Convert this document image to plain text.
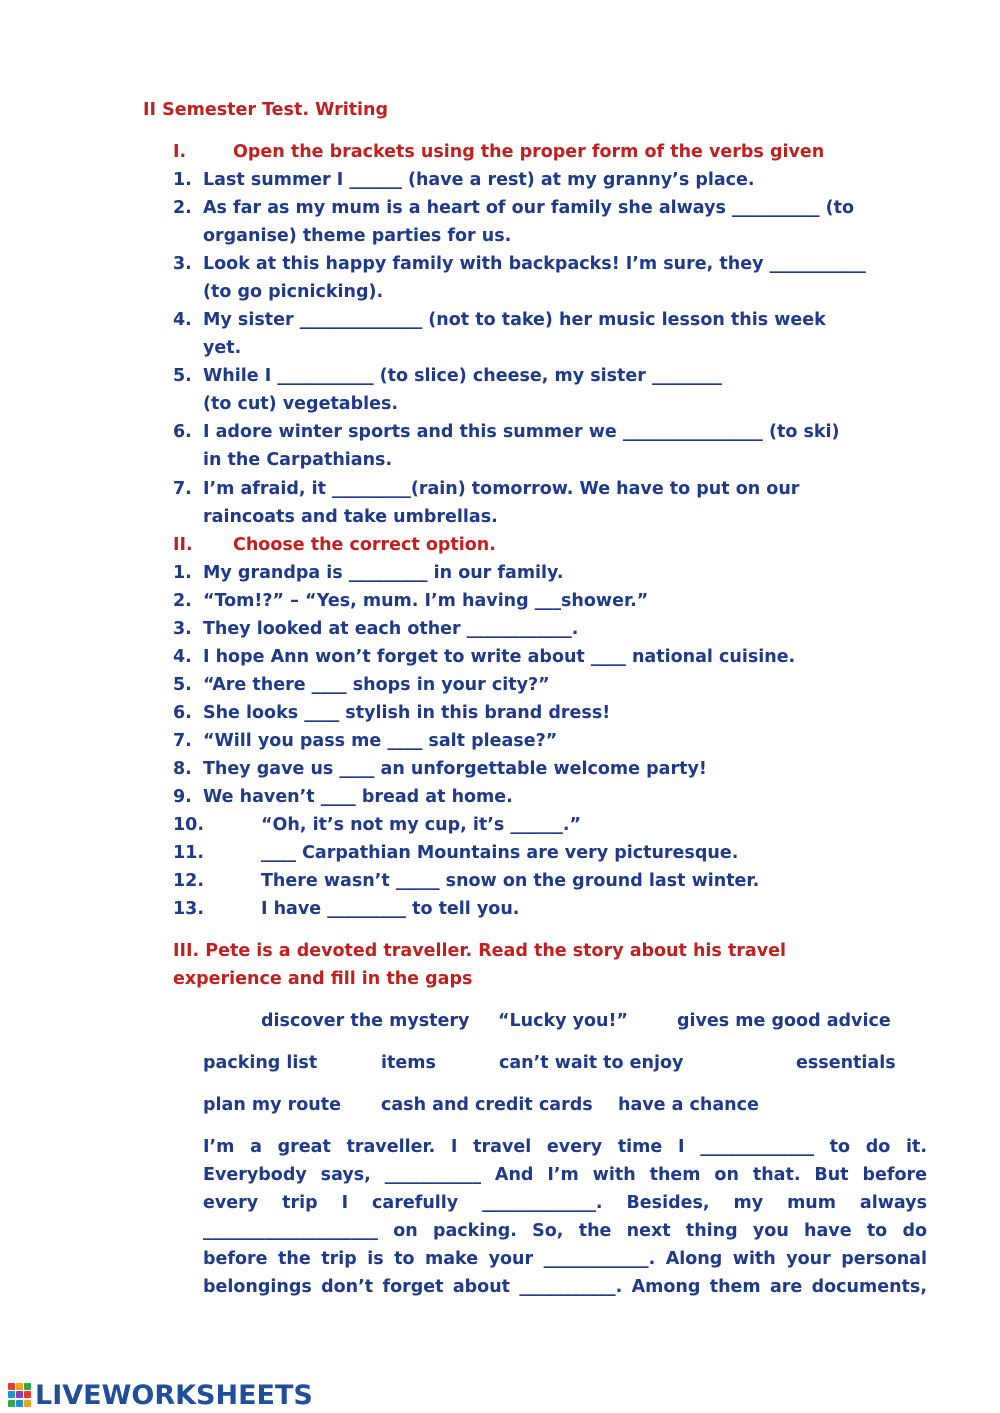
II Semester Test. Writing
I.	Open the brackets using the proper form of the verbs given
1. Last summer I ______ (have a rest) at my granny’s place.
2. As far as my mum is a heart of our family she always __________ (to
organise) theme parties for us.
3. Look at this happy family with backpacks! I’m sure, they ___________
(to go picnicking).
4. My sister ______________ (not to take) her music lesson this week
yet.
5. While I ___________ (to slice) cheese, my sister ________
(to cut) vegetables.
6. I adore winter sports and this summer we ________________ (to ski)
in the Carpathians.
7. I’m afraid, it _________(rain) tomorrow. We have to put on our
raincoats and take umbrellas.
II. Choose the correct option.
1. My grandpa is _________ in our family.
2. “Tom!?” – “Yes, mum. I’m having ___shower.”
3. They looked at each other ____________.
4. I hope Ann won’t forget to write about ____ national cuisine.
5. “Are there ____ shops in your city?”
6. She looks ____ stylish in this brand dress!
7. “Will you pass me ____ salt please?”
8. They gave us ____ an unforgettable welcome party!
9. We haven’t ____ bread at home.
10.	“Oh, it’s not my cup, it’s ______.”
11.	____ Carpathian Mountains are very picturesque.
12.	There wasn’t _____ snow on the ground last winter.
13.	I have _________ to tell you.
III. Pete is a devoted traveller. Read the story about his travel
experience and fill in the gaps
discover the mystery “Lucky you!”	gives me good advice
packing list	items	can’t wait to enjoy	essentials
plan my route cash and credit cards have a chance
I’m a great traveller. I travel every time I _____________ to do it.
Everybody says, ___________ And I’m with them on that. But before
every trip I carefully _____________. Besides, my mum always
____________________ on packing. So, the next thing you have to do
before the trip is to make your ____________. Along with your personal
belongings don’t forget about ___________. Among them are documents,
LIVEWORKSHEETS
